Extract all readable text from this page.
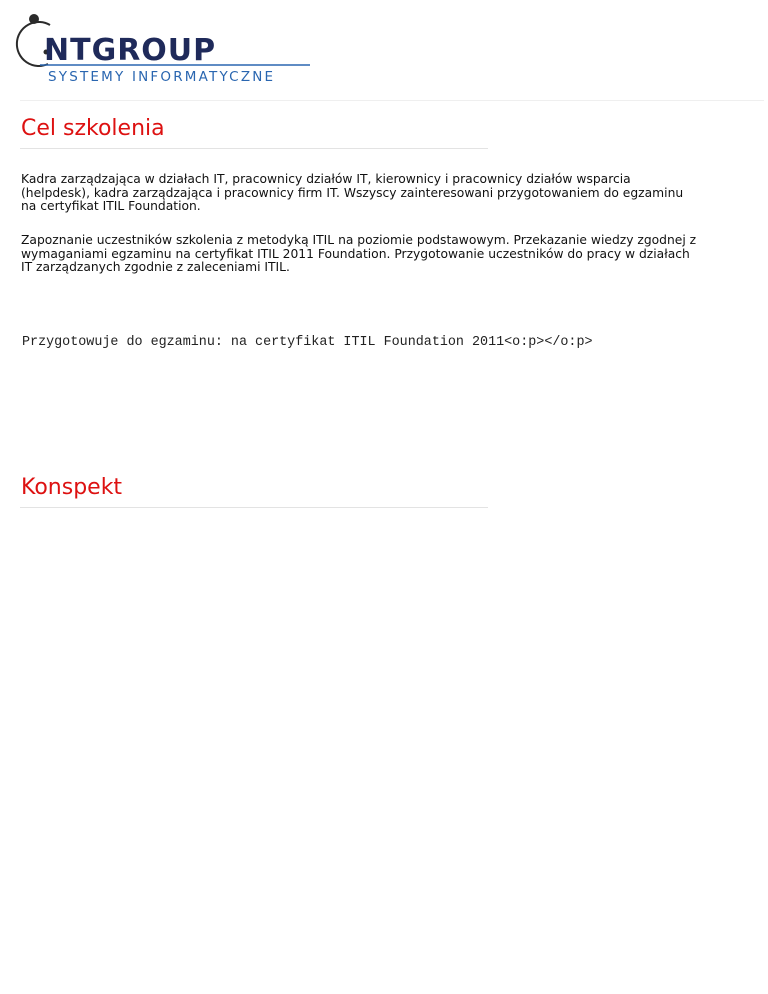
NTGROUP
SYSTEMY INFORMATYCZNE
Cel szkolenia

Kadra zarządzająca w działach IT, pracownicy działów IT, kierownicy i pracownicy działów wsparcia (helpdesk), kadra zarządzająca i pracownicy firm IT. Wszyscy zainteresowani przygotowaniem do egzaminu na certyfikat ITIL Foundation.

Zapoznanie uczestników szkolenia z metodyką ITIL na poziomie podstawowym. Przekazanie wiedzy zgodnej z wymaganiami egzaminu na certyfikat ITIL 2011 Foundation. Przygotowanie uczestników do pracy w działach IT zarządzanych zgodnie z zaleceniami ITIL.

Przygotowuje do egzaminu: na certyfikat ITIL Foundation 2011<o:p></o:p>

Konspekt
